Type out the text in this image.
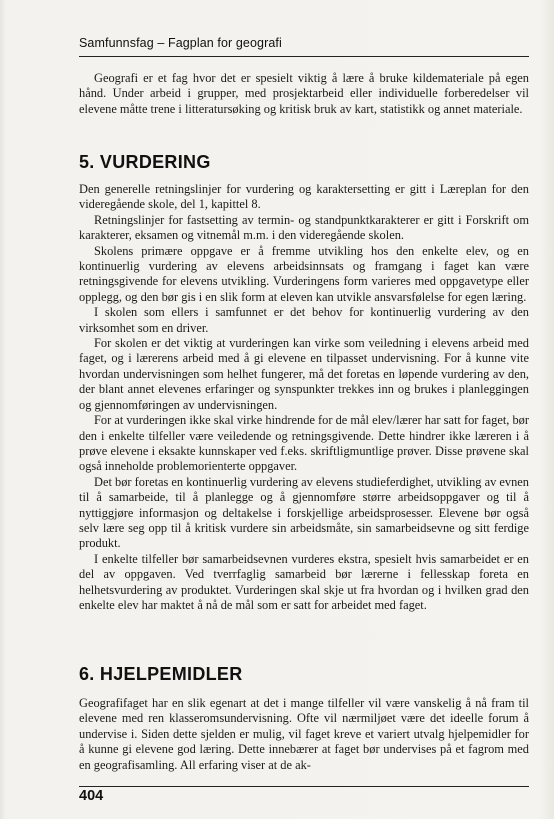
Samfunnsfag – Fagplan for geografi

Geografi er et fag hvor det er spesielt viktig å lære å bruke kildemateriale på egen hånd. Under arbeid i grupper, med prosjektarbeid eller individuelle forberedelser vil elevene måtte trene i litteratursøking og kritisk bruk av kart, statistikk og annet materiale.

5. VURDERING

Den generelle retningslinjer for vurdering og karaktersetting er gitt i Læreplan for den videregående skole, del 1, kapittel 8.

Retningslinjer for fastsetting av termin- og standpunktkarakterer er gitt i Forskrift om karakterer, eksamen og vitnemål m.m. i den videregående skolen.

Skolens primære oppgave er å fremme utvikling hos den enkelte elev, og en kontinuerlig vurdering av elevens arbeidsinnsats og framgang i faget kan være retningsgivende for elevens utvikling. Vurderingens form varieres med oppgavetype eller opplegg, og den bør gis i en slik form at eleven kan utvikle ansvarsfølelse for egen læring.

I skolen som ellers i samfunnet er det behov for kontinuerlig vurdering av den virksomhet som en driver.

For skolen er det viktig at vurderingen kan virke som veiledning i elevens arbeid med faget, og i lærerens arbeid med å gi elevene en tilpasset undervisning. For å kunne vite hvordan undervisningen som helhet fungerer, må det foretas en løpende vurdering av den, der blant annet elevenes erfaringer og synspunkter trekkes inn og brukes i planleggingen og gjennomføringen av undervisningen.

For at vurderingen ikke skal virke hindrende for de mål elev/lærer har satt for faget, bør den i enkelte tilfeller være veiledende og retningsgivende. Dette hindrer ikke læreren i å prøve elevene i eksakte kunnskaper ved f.eks. skriftligmuntlige prøver. Disse prøvene skal også inneholde problemorienterte oppgaver.

Det bør foretas en kontinuerlig vurdering av elevens studieferdighet, utvikling av evnen til å samarbeide, til å planlegge og å gjennomføre større arbeidsoppgaver og til å nyttiggjøre informasjon og deltakelse i forskjellige arbeidsprosesser. Elevene bør også selv lære seg opp til å kritisk vurdere sin arbeidsmåte, sin samarbeidsevne og sitt ferdige produkt.

I enkelte tilfeller bør samarbeidsevnen vurderes ekstra, spesielt hvis samarbeidet er en del av oppgaven. Ved tverrfaglig samarbeid bør lærerne i fellesskap foreta en helhetsvurdering av produktet. Vurderingen skal skje ut fra hvordan og i hvilken grad den enkelte elev har maktet å nå de mål som er satt for arbeidet med faget.

6. HJELPEMIDLER

Geografifaget har en slik egenart at det i mange tilfeller vil være vanskelig å nå fram til elevene med ren klasseromsundervisning. Ofte vil nærmiljøet være det ideelle forum å undervise i. Siden dette sjelden er mulig, vil faget kreve et variert utvalg hjelpemidler for å kunne gi elevene god læring. Dette innebærer at faget bør undervises på et fagrom med en geografisamling. All erfaring viser at de ak-

404
